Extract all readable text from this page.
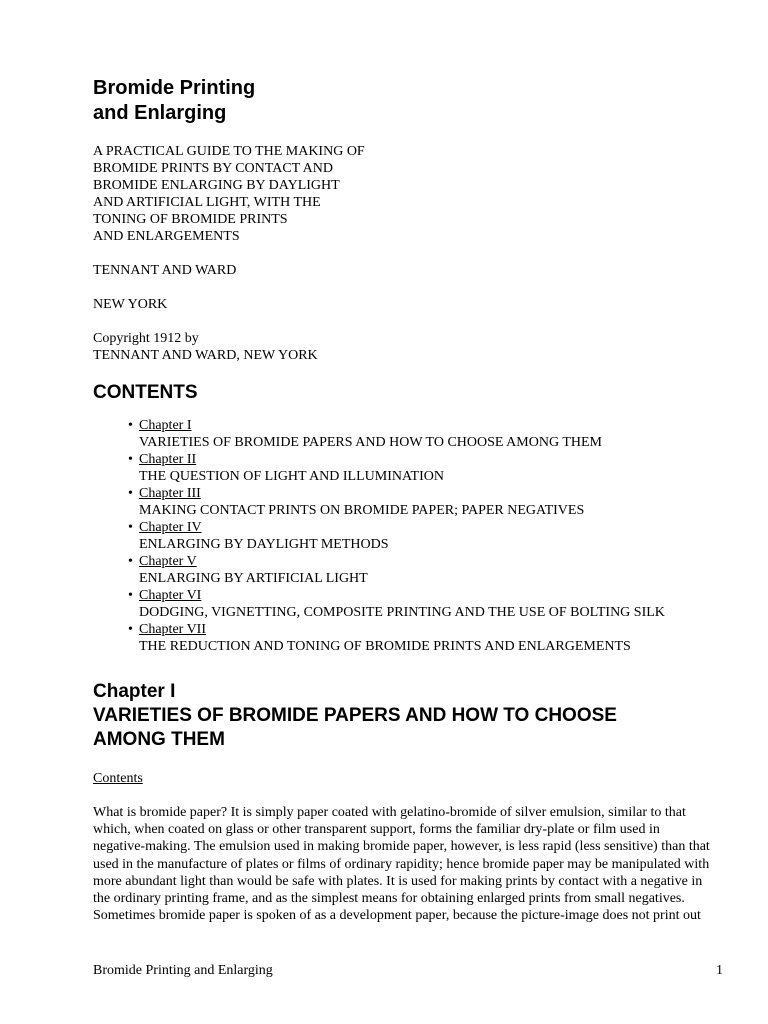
Bromide Printing
and Enlarging
A PRACTICAL GUIDE TO THE MAKING OF
BROMIDE PRINTS BY CONTACT AND
BROMIDE ENLARGING BY DAYLIGHT
AND ARTIFICIAL LIGHT, WITH THE
TONING OF BROMIDE PRINTS
AND ENLARGEMENTS
TENNANT AND WARD
NEW YORK
Copyright 1912 by
TENNANT AND WARD, NEW YORK
CONTENTS
• Chapter I
VARIETIES OF BROMIDE PAPERS AND HOW TO CHOOSE AMONG THEM
• Chapter II
THE QUESTION OF LIGHT AND ILLUMINATION
• Chapter III
MAKING CONTACT PRINTS ON BROMIDE PAPER; PAPER NEGATIVES
• Chapter IV
ENLARGING BY DAYLIGHT METHODS
• Chapter V
ENLARGING BY ARTIFICIAL LIGHT
• Chapter VI
DODGING, VIGNETTING, COMPOSITE PRINTING AND THE USE OF BOLTING SILK
• Chapter VII
THE REDUCTION AND TONING OF BROMIDE PRINTS AND ENLARGEMENTS
Chapter I
VARIETIES OF BROMIDE PAPERS AND HOW TO CHOOSE
AMONG THEM
Contents
What is bromide paper? It is simply paper coated with gelatino-bromide of silver emulsion, similar to that
which, when coated on glass or other transparent support, forms the familiar dry-plate or film used in
negative-making. The emulsion used in making bromide paper, however, is less rapid (less sensitive) than that
used in the manufacture of plates or films of ordinary rapidity; hence bromide paper may be manipulated with
more abundant light than would be safe with plates. It is used for making prints by contact with a negative in
the ordinary printing frame, and as the simplest means for obtaining enlarged prints from small negatives.
Sometimes bromide paper is spoken of as a development paper, because the picture-image does not print out
Bromide Printing and Enlarging	1
